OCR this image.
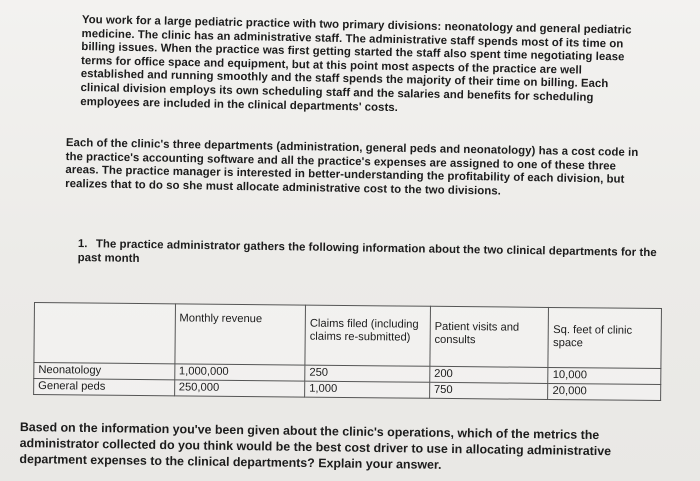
You work for a large pediatric practice with two primary divisions: neonatology and general pediatric medicine. The clinic has an administrative staff. The administrative staff spends most of its time on billing issues. When the practice was first getting started the staff also spent time negotiating lease terms for office space and equipment, but at this point most aspects of the practice are well established and running smoothly and the staff spends the majority of their time on billing. Each clinical division employs its own scheduling staff and the salaries and benefits for scheduling employees are included in the clinical departments' costs.

Each of the clinic's three departments (administration, general peds and neonatology) has a cost code in the practice's accounting software and all the practice's expenses are assigned to one of these three areas. The practice manager is interested in better-understanding the profitability of each division, but realizes that to do so she must allocate administrative cost to the two divisions.

1. The practice administrator gathers the following information about the two clinical departments for the past month

	Monthly revenue	Claims filed (including claims re-submitted)	Patient visits and consults	Sq. feet of clinic space
Neonatology	1,000,000	250	200	10,000
General peds	250,000	1,000	750	20,000

Based on the information you've been given about the clinic's operations, which of the metrics the administrator collected do you think would be the best cost driver to use in allocating administrative department expenses to the clinical departments? Explain your answer.
